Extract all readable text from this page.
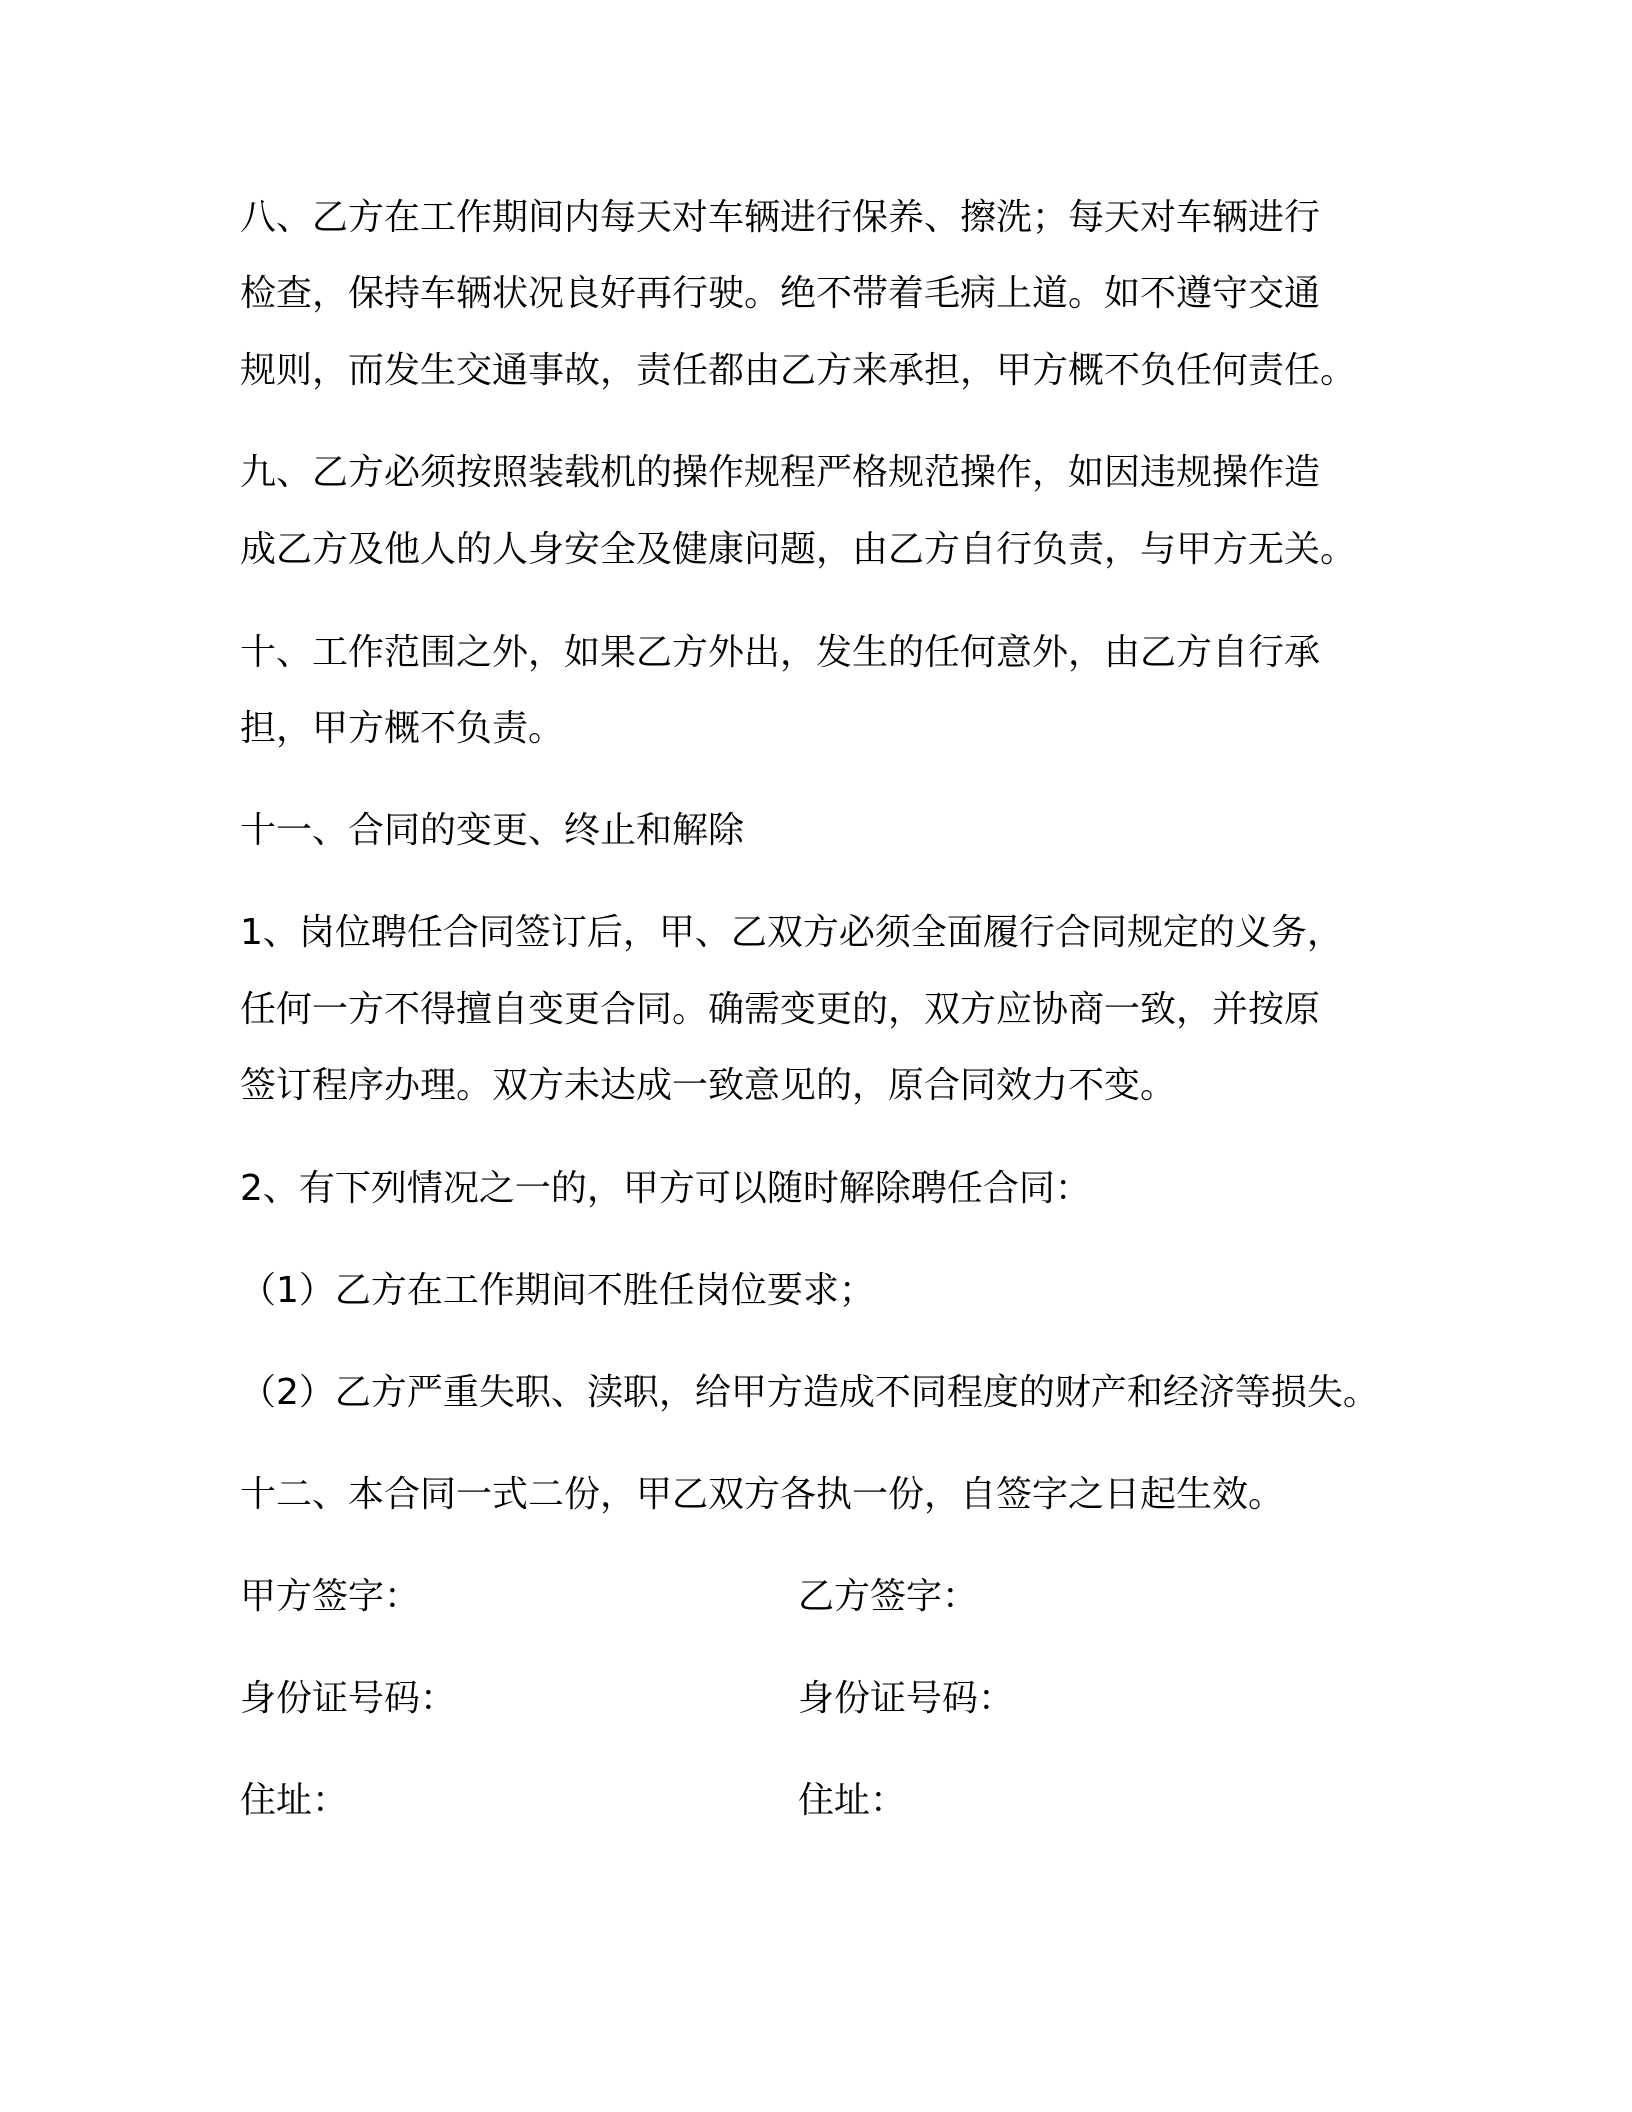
八、乙方在工作期间内每天对车辆进行保养、擦洗；每天对车辆进行
检查，保持车辆状况良好再行驶。绝不带着毛病上道。如不遵守交通
规则，而发生交通事故，责任都由乙方来承担，甲方概不负任何责任。
九、乙方必须按照装载机的操作规程严格规范操作，如因违规操作造
成乙方及他人的人身安全及健康问题，由乙方自行负责，与甲方无关。
十、工作范围之外，如果乙方外出，发生的任何意外，由乙方自行承
担，甲方概不负责。
十一、合同的变更、终止和解除
1、岗位聘任合同签订后，甲、乙双方必须全面履行合同规定的义务，
任何一方不得擅自变更合同。确需变更的，双方应协商一致，并按原
签订程序办理。双方未达成一致意见的，原合同效力不变。
2、有下列情况之一的，甲方可以随时解除聘任合同：
（1）乙方在工作期间不胜任岗位要求；
（2）乙方严重失职、渎职，给甲方造成不同程度的财产和经济等损失。
十二、本合同一式二份，甲乙双方各执一份，自签字之日起生效。
甲方签字：	乙方签字：
身份证号码：	身份证号码：
住址：	住址：
